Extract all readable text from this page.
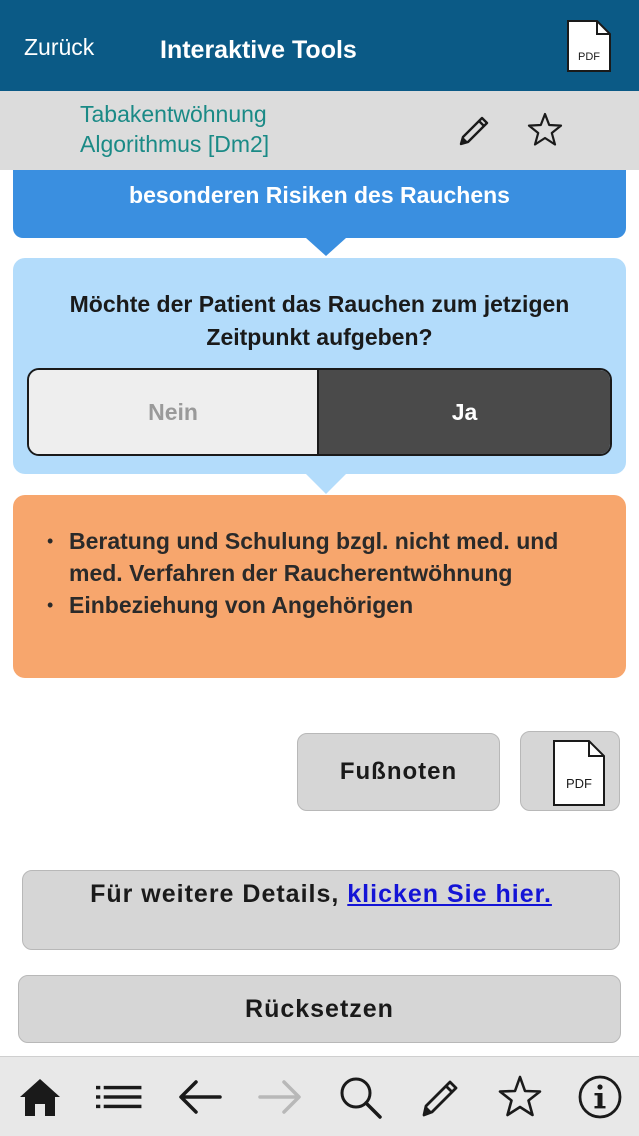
Zurück	Interaktive Tools	PDF
besonderen Risiken des Rauchens
Tabakentwöhnung
Algorithmus [Dm2]
Möchte der Patient das Rauchen zum jetzigen Zeitpunkt aufgeben?
Nein	Ja
• Beratung und Schulung bzgl. nicht med. und med. Verfahren der Raucherentwöhnung
• Einbeziehung von Angehörigen
Fußnoten	PDF
Für weitere Details, klicken Sie hier.
Rücksetzen
